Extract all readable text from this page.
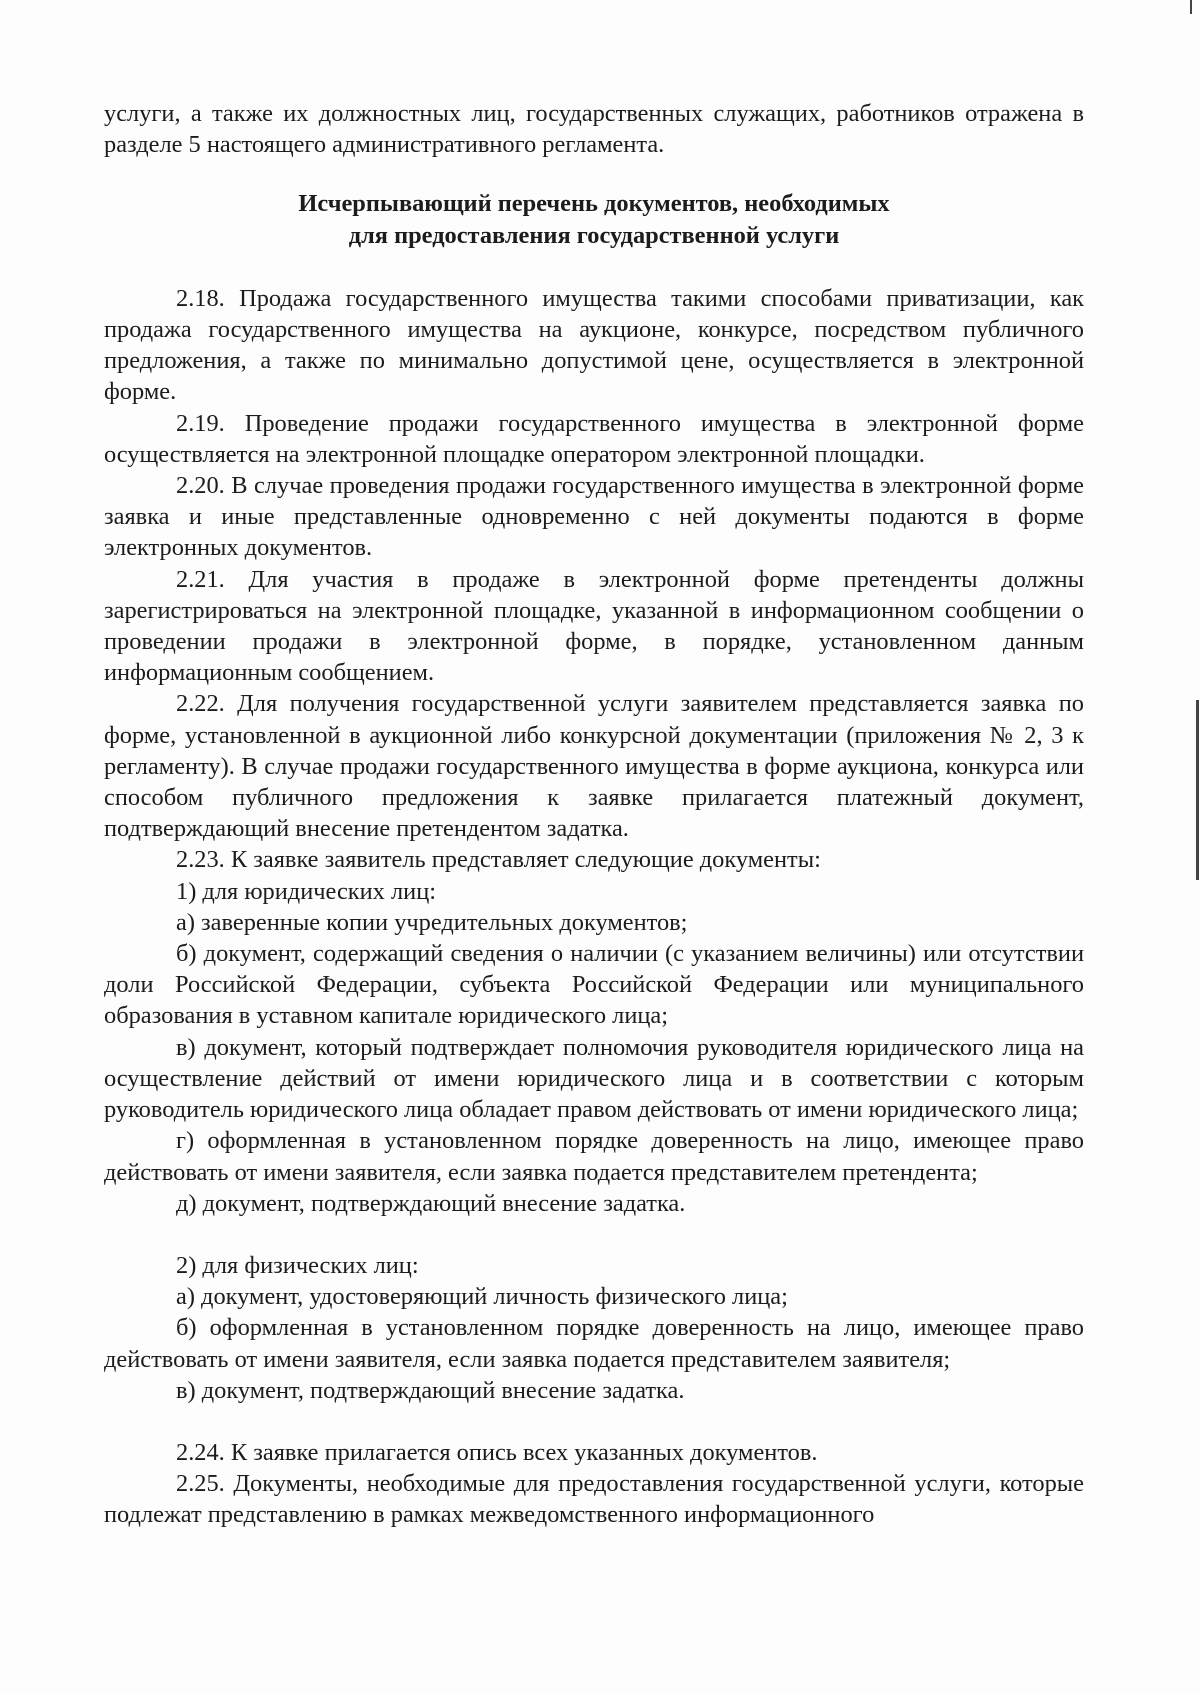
услуги, а также их должностных лиц, государственных служащих, работников отражена в разделе 5 настоящего административного регламента.

Исчерпывающий перечень документов, необходимых

для предоставления государственной услуги

2.18. Продажа государственного имущества такими способами приватизации, как продажа государственного имущества на аукционе, конкурсе, посредством публичного предложения, а также по минимально допустимой цене, осуществляется в электронной форме.

2.19. Проведение продажи государственного имущества в электронной форме осуществляется на электронной площадке оператором электронной площадки.

2.20. В случае проведения продажи государственного имущества в электронной форме заявка и иные представленные одновременно с ней документы подаются в форме электронных документов.

2.21. Для участия в продаже в электронной форме претенденты должны зарегистрироваться на электронной площадке, указанной в информационном сообщении о проведении продажи в электронной форме, в порядке, установленном данным информационным сообщением.

2.22. Для получения государственной услуги заявителем представляется заявка по форме, установленной в аукционной либо конкурсной документации (приложения № 2, 3 к регламенту). В случае продажи государственного имущества в форме аукциона, конкурса или способом публичного предложения к заявке прилагается платежный документ, подтверждающий внесение претендентом задатка.

2.23. К заявке заявитель представляет следующие документы:

1) для юридических лиц:

а) заверенные копии учредительных документов;

б) документ, содержащий сведения о наличии (с указанием величины) или отсутствии доли Российской Федерации, субъекта Российской Федерации или муниципального образования в уставном капитале юридического лица;

в) документ, который подтверждает полномочия руководителя юридического лица на осуществление действий от имени юридического лица и в соответствии с которым руководитель юридического лица обладает правом действовать от имени юридического лица;

г) оформленная в установленном порядке доверенность на лицо, имеющее право действовать от имени заявителя, если заявка подается представителем претендента;

д) документ, подтверждающий внесение задатка.

2) для физических лиц:

а) документ, удостоверяющий личность физического лица;

б) оформленная в установленном порядке доверенность на лицо, имеющее право действовать от имени заявителя, если заявка подается представителем заявителя;

в) документ, подтверждающий внесение задатка.

2.24. К заявке прилагается опись всех указанных документов.

2.25. Документы, необходимые для предоставления государственной услуги, которые подлежат представлению в рамках межведомственного информационного
